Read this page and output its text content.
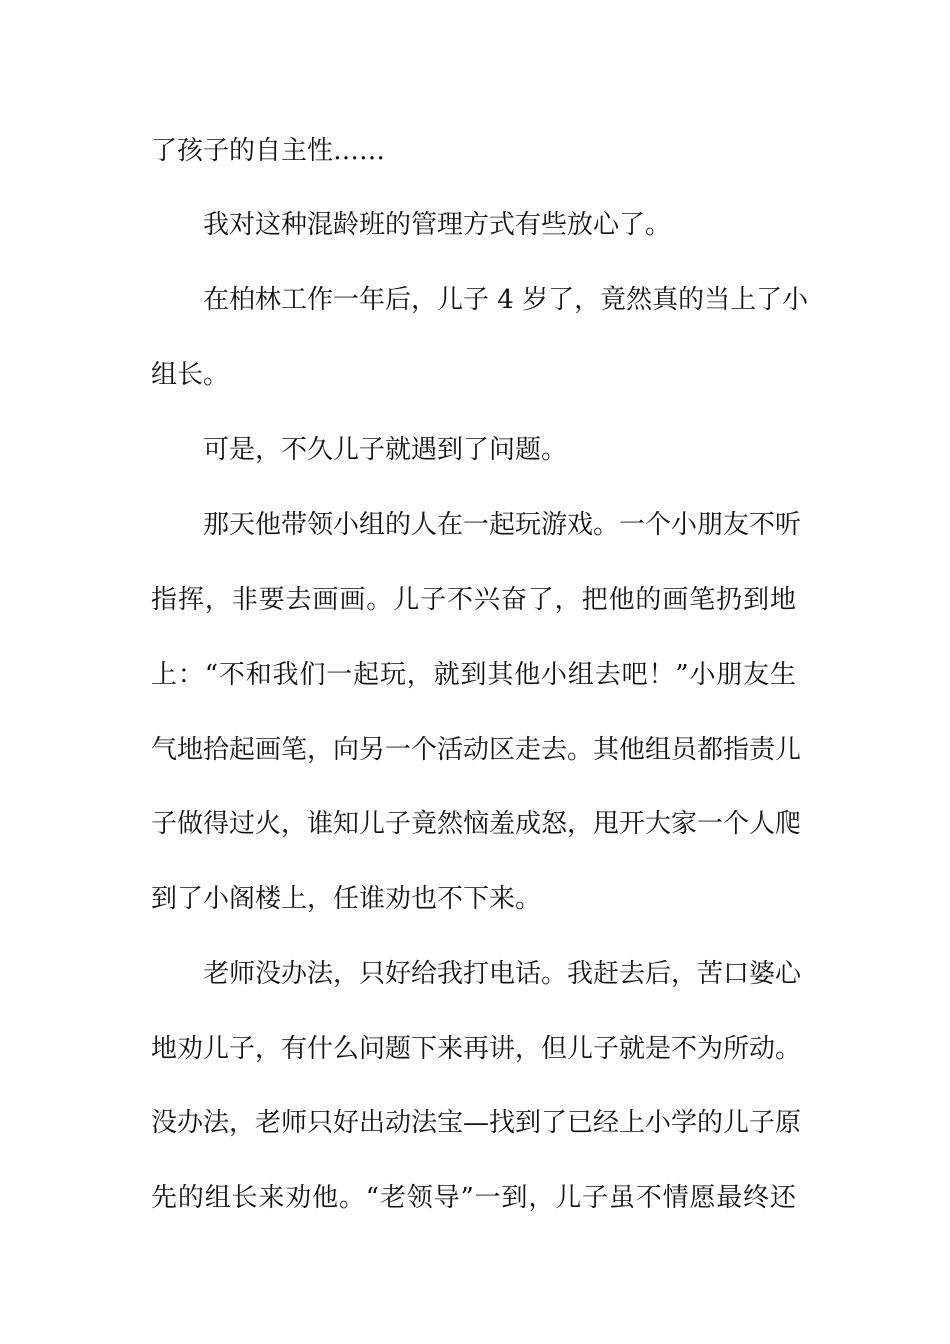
了孩子的自主性……
我对这种混龄班的管理方式有些放心了。
在柏林工作一年后，儿子 4 岁了，竟然真的当上了小
组长。
可是，不久儿子就遇到了问题。
那天他带领小组的人在一起玩游戏。一个小朋友不听
指挥，非要去画画。儿子不兴奋了，把他的画笔扔到地
上：“不和我们一起玩，就到其他小组去吧！”小朋友生
气地拾起画笔，向另一个活动区走去。其他组员都指责儿
子做得过火，谁知儿子竟然恼羞成怒，甩开大家一个人爬
到了小阁楼上，任谁劝也不下来。
老师没办法，只好给我打电话。我赶去后，苦口婆心
地劝儿子，有什么问题下来再讲，但儿子就是不为所动。
没办法，老师只好出动法宝—找到了已经上小学的儿子原
先的组长来劝他。“老领导”一到，儿子虽不情愿最终还
